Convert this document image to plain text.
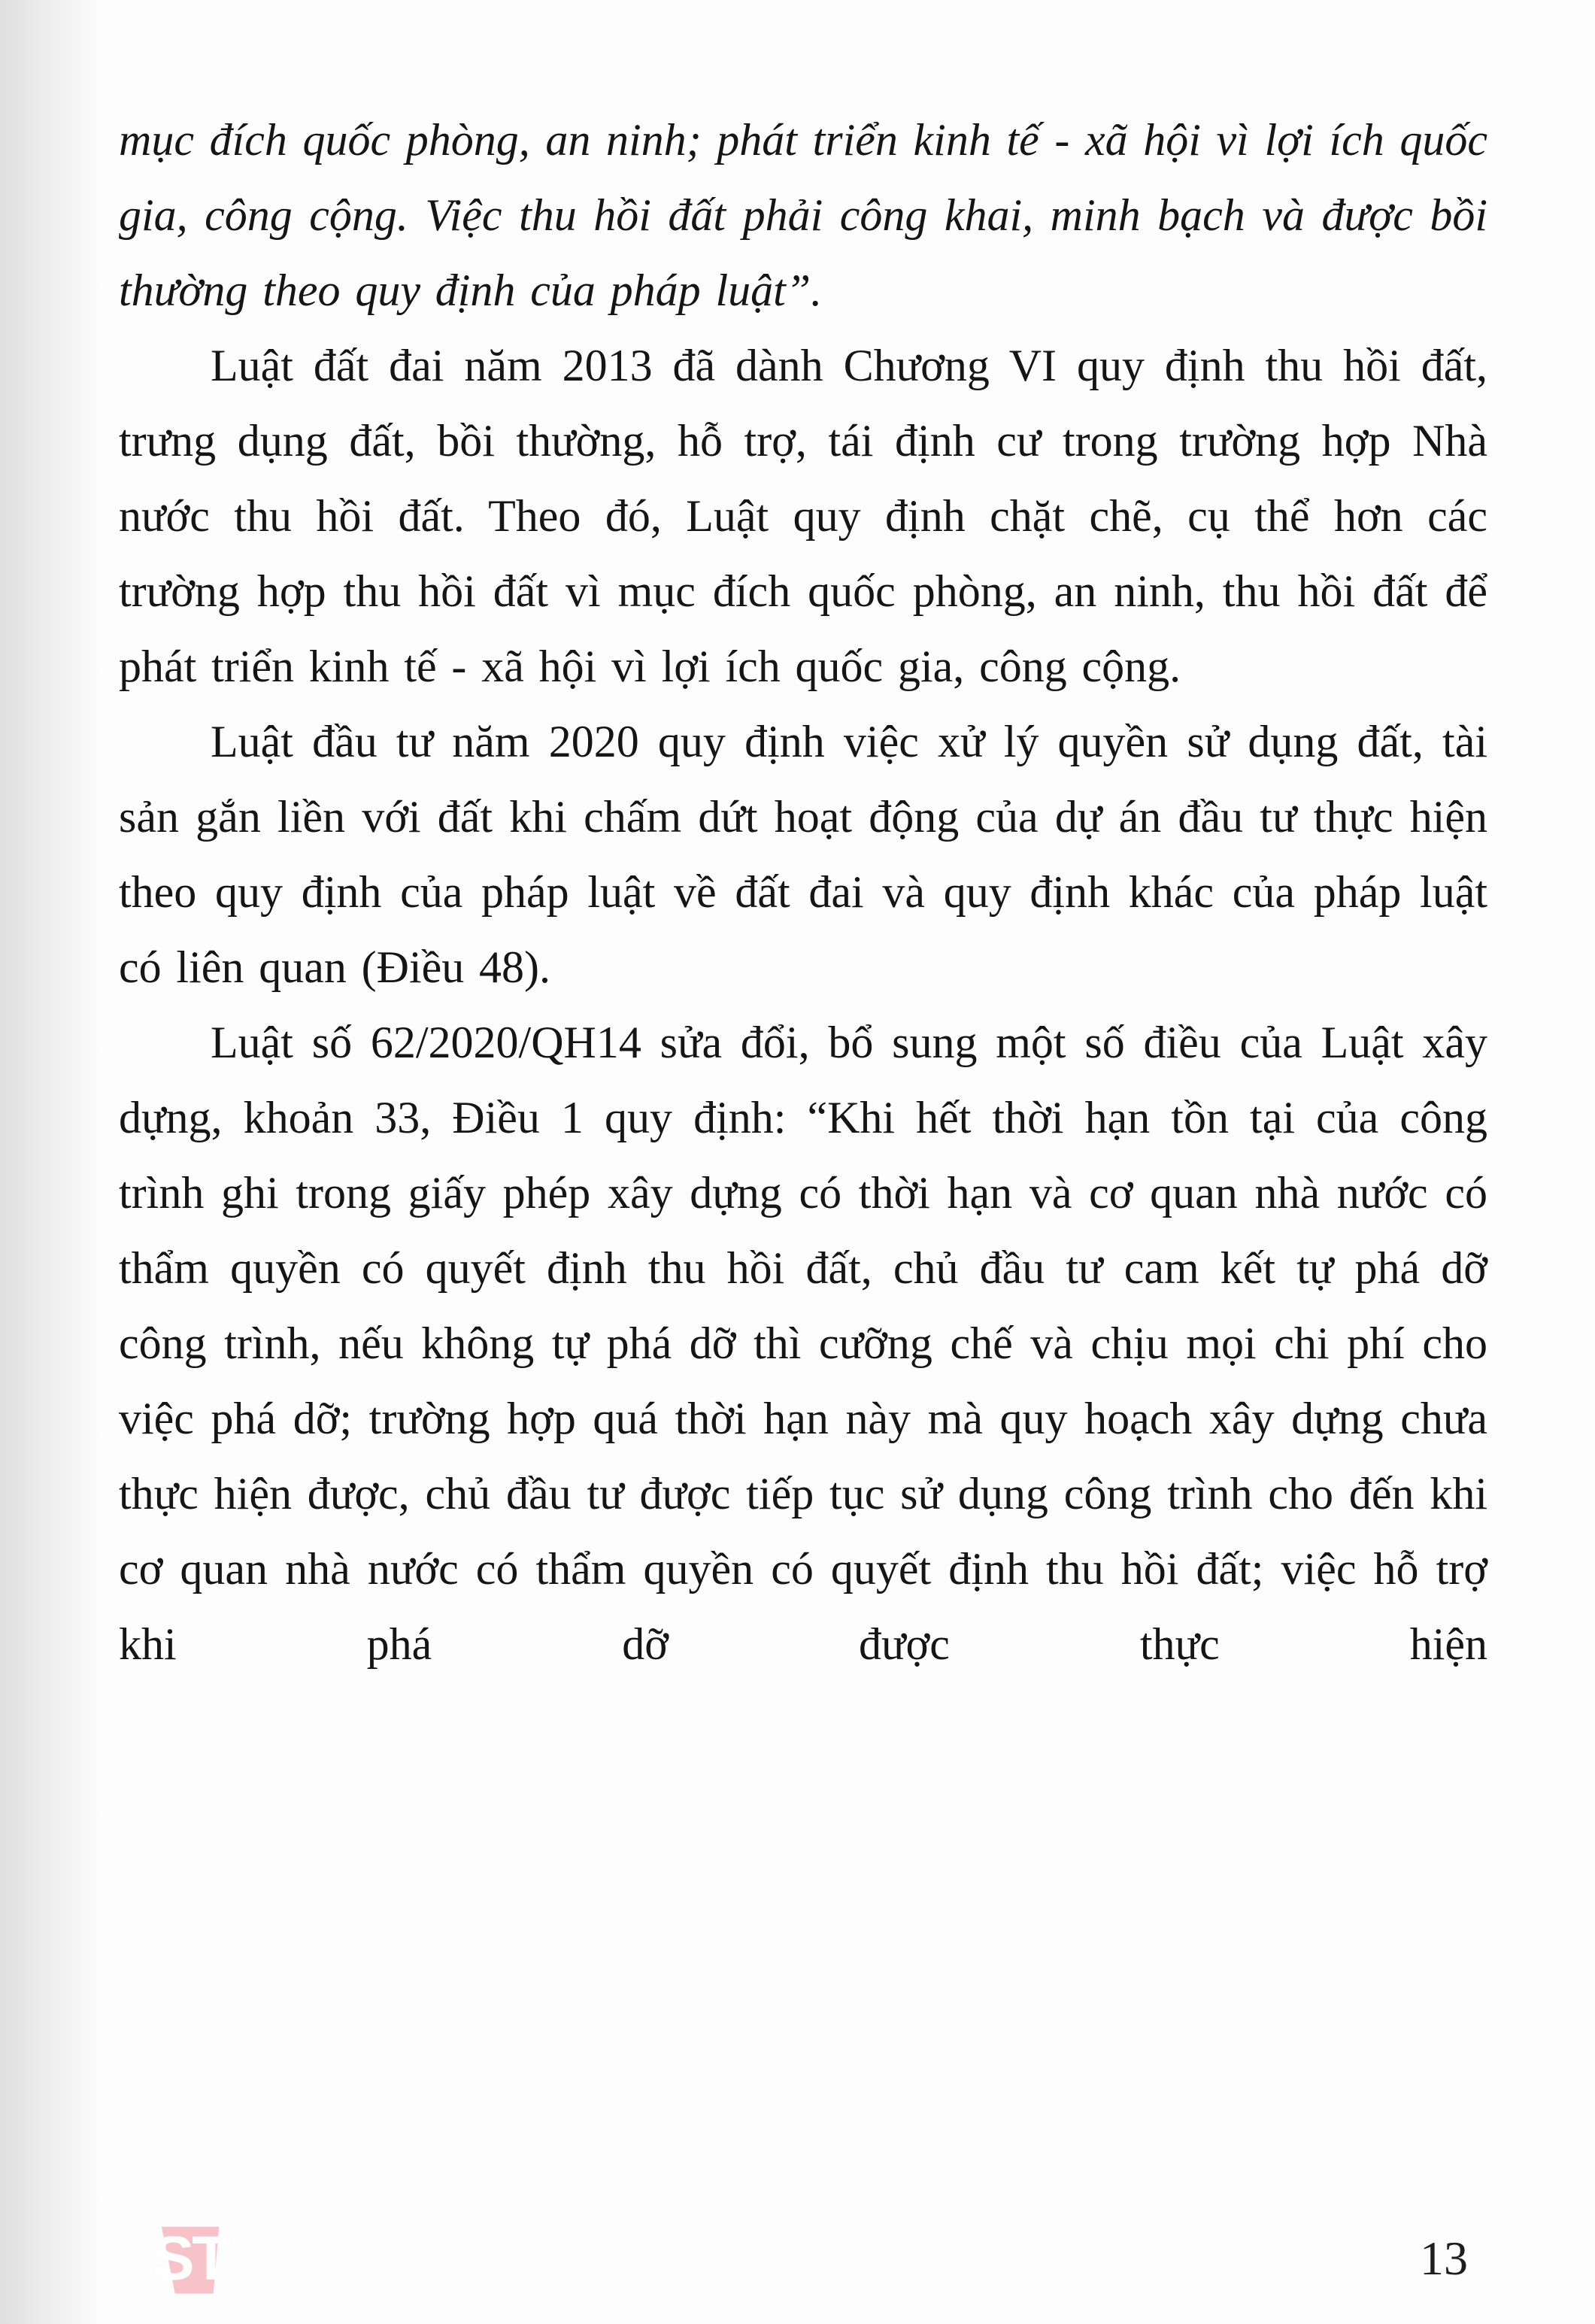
mục đích quốc phòng, an ninh; phát triển kinh tế - xã hội vì lợi ích quốc gia, công cộng. Việc thu hồi đất phải công khai, minh bạch và được bồi thường theo quy định của pháp luật”.

Luật đất đai năm 2013 đã dành Chương VI quy định thu hồi đất, trưng dụng đất, bồi thường, hỗ trợ, tái định cư trong trường hợp Nhà nước thu hồi đất. Theo đó, Luật quy định chặt chẽ, cụ thể hơn các trường hợp thu hồi đất vì mục đích quốc phòng, an ninh, thu hồi đất để phát triển kinh tế - xã hội vì lợi ích quốc gia, công cộng.

Luật đầu tư năm 2020 quy định việc xử lý quyền sử dụng đất, tài sản gắn liền với đất khi chấm dứt hoạt động của dự án đầu tư thực hiện theo quy định của pháp luật về đất đai và quy định khác của pháp luật có liên quan (Điều 48).

Luật số 62/2020/QH14 sửa đổi, bổ sung một số điều của Luật xây dựng, khoản 33, Điều 1 quy định: “Khi hết thời hạn tồn tại của công trình ghi trong giấy phép xây dựng có thời hạn và cơ quan nhà nước có thẩm quyền có quyết định thu hồi đất, chủ đầu tư cam kết tự phá dỡ công trình, nếu không tự phá dỡ thì cưỡng chế và chịu mọi chi phí cho việc phá dỡ; trường hợp quá thời hạn này mà quy hoạch xây dựng chưa thực hiện được, chủ đầu tư được tiếp tục sử dụng công trình cho đến khi cơ quan nhà nước có thẩm quyền có quyết định thu hồi đất; việc hỗ trợ khi phá dỡ được thực hiện

ST	13
